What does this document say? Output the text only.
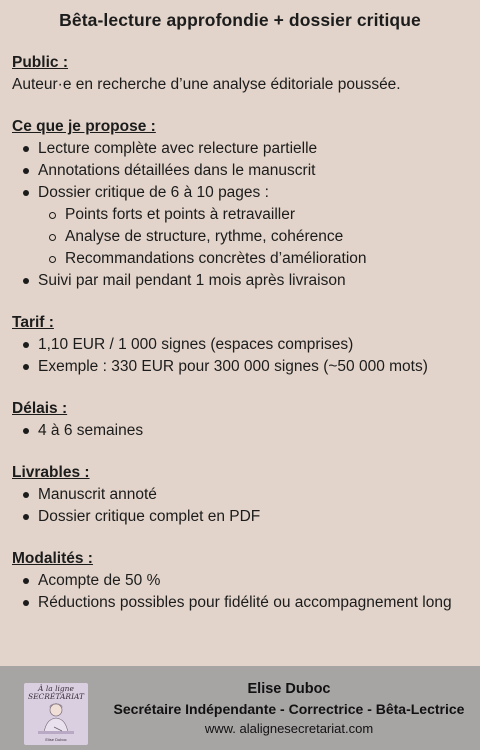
Bêta-lecture approfondie + dossier critique
Public :
Auteur·e en recherche d’une analyse éditoriale poussée.
Ce que je propose :
Lecture complète avec relecture partielle
Annotations détaillées dans le manuscrit
Dossier critique de 6 à 10 pages :
Points forts et points à retravailler
Analyse de structure, rythme, cohérence
Recommandations concrètes d’amélioration
Suivi par mail pendant 1 mois après livraison
Tarif :
1,10 EUR / 1 000 signes (espaces comprises)
Exemple : 330 EUR pour 300 000 signes (~50 000 mots)
Délais :
4 à 6 semaines
Livrables :
Manuscrit annoté
Dossier critique complet en PDF
Modalités :
Acompte de 50 %
Réductions possibles pour fidélité ou accompagnement long
À la ligne SECRÉTARIAT
Elise Duboc
Elise Duboc
Secrétaire Indépendante - Correctrice - Bêta-Lectrice
www. alalignesecretariat.com
